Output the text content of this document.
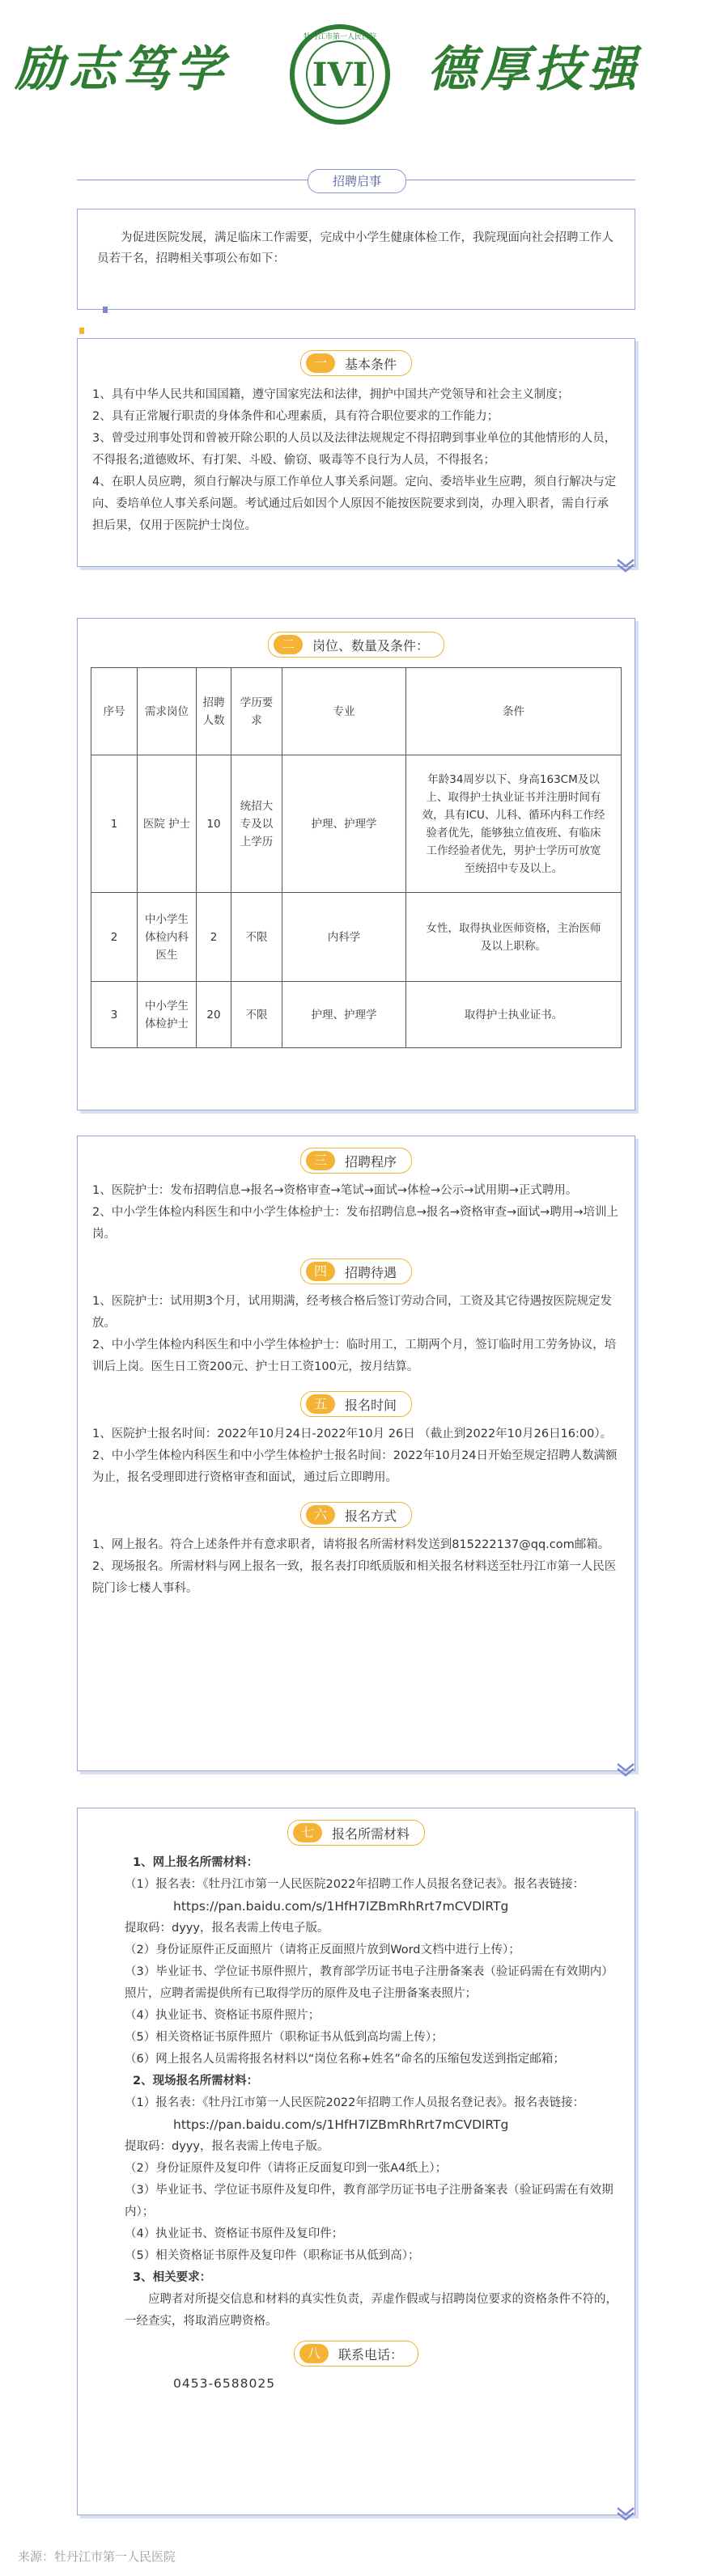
励志笃学
牡丹江市第一人民医院
IVI 德厚技强
招聘启事
为促进医院发展，满足临床工作需要，完成中小学生健康体检工作，我院现面向社会招聘工作人员若干名，招聘相关事项公布如下：
一	基本条件

1、具有中华人民共和国国籍，遵守国家宪法和法律，拥护中国共产党领导和社会主义制度；

2、具有正常履行职责的身体条件和心理素质，具有符合职位要求的工作能力；

3、曾受过刑事处罚和曾被开除公职的人员以及法律法规规定不得招聘到事业单位的其他情形的人员，不得报名;道德败坏、有打架、斗殴、偷窃、吸毒等不良行为人员，不得报名；

4、在职人员应聘，须自行解决与原工作单位人事关系问题。定向、委培毕业生应聘，须自行解决与定向、委培单位人事关系问题。考试通过后如因个人原因不能按医院要求到岗，办理入职者，需自行承担后果，仅用于医院护士岗位。

二	岗位、数量及条件：
序号	需求岗位	招聘人数	学历要求	专业	条件
1	医院 护士	10	统招大专及以上学历	护理、护理学	年龄34周岁以下、身高163CM及以上、取得护士执业证书并注册时间有效，具有ICU、儿科、循环内科工作经验者优先，能够独立值夜班、有临床工作经验者优先，男护士学历可放宽至统招中专及以上。
2	中小学生体检内科医生	2	不限	内科学	女性，取得执业医师资格，主治医师及以上职称。
3	中小学生体检护士	20	不限	护理、护理学	取得护士执业证书。
三	招聘程序

1、医院护士：发布招聘信息→报名→资格审查→笔试→面试→体检→公示→试用期→正式聘用。

2、中小学生体检内科医生和中小学生体检护士：发布招聘信息→报名→资格审查→面试→聘用→培训上岗。

四	招聘待遇

1、医院护士：试用期3个月，试用期满，经考核合格后签订劳动合同，工资及其它待遇按医院规定发放。

2、中小学生体检内科医生和中小学生体检护士：临时用工，工期两个月，签订临时用工劳务协议，培训后上岗。医生日工资200元、护士日工资100元，按月结算。

五	报名时间

1、医院护士报名时间：2022年10月24日-2022年10月 26日 （截止到2022年10月26日16:00）。

2、中小学生体检内科医生和中小学生体检护士报名时间：2022年10月24日开始至规定招聘人数满额为止，报名受理即进行资格审查和面试，通过后立即聘用。

六	报名方式

1、网上报名。符合上述条件并有意求职者，请将报名所需材料发送到815222137@qq.com邮箱。

2、现场报名。所需材料与网上报名一致，报名表打印纸质版和相关报名材料送至牡丹江市第一人民医院门诊七楼人事科。

七	报名所需材料

1、网上报名所需材料：

（1）报名表：《牡丹江市第一人民医院2022年招聘工作人员报名登记表》。报名表链接：

https://pan.baidu.com/s/1HfH7IZBmRhRrt7mCVDlRTg

提取码：dyyy，报名表需上传电子版。

（2）身份证原件正反面照片（请将正反面照片放到Word文档中进行上传）；

（3）毕业证书、学位证书原件照片，教育部学历证书电子注册备案表（验证码需在有效期内）照片，应聘者需提供所有已取得学历的原件及电子注册备案表照片；

（4）执业证书、资格证书原件照片；

（5）相关资格证书原件照片（职称证书从低到高均需上传）；

（6）网上报名人员需将报名材料以“岗位名称+姓名”命名的压缩包发送到指定邮箱；

2、现场报名所需材料：

（1）报名表：《牡丹江市第一人民医院2022年招聘工作人员报名登记表》。报名表链接：

https://pan.baidu.com/s/1HfH7IZBmRhRrt7mCVDlRTg

提取码：dyyy，报名表需上传电子版。

（2）身份证原件及复印件（请将正反面复印到一张A4纸上）；

（3）毕业证书、学位证书原件及复印件，教育部学历证书电子注册备案表（验证码需在有效期内）；

（4）执业证书、资格证书原件及复印件；

（5）相关资格证书原件及复印件（职称证书从低到高）；

3、相关要求：

应聘者对所提交信息和材料的真实性负责，弄虚作假或与招聘岗位要求的资格条件不符的，一经查实，将取消应聘资格。

八	联系电话：

0453-6588025

来源：牡丹江市第一人民医院
